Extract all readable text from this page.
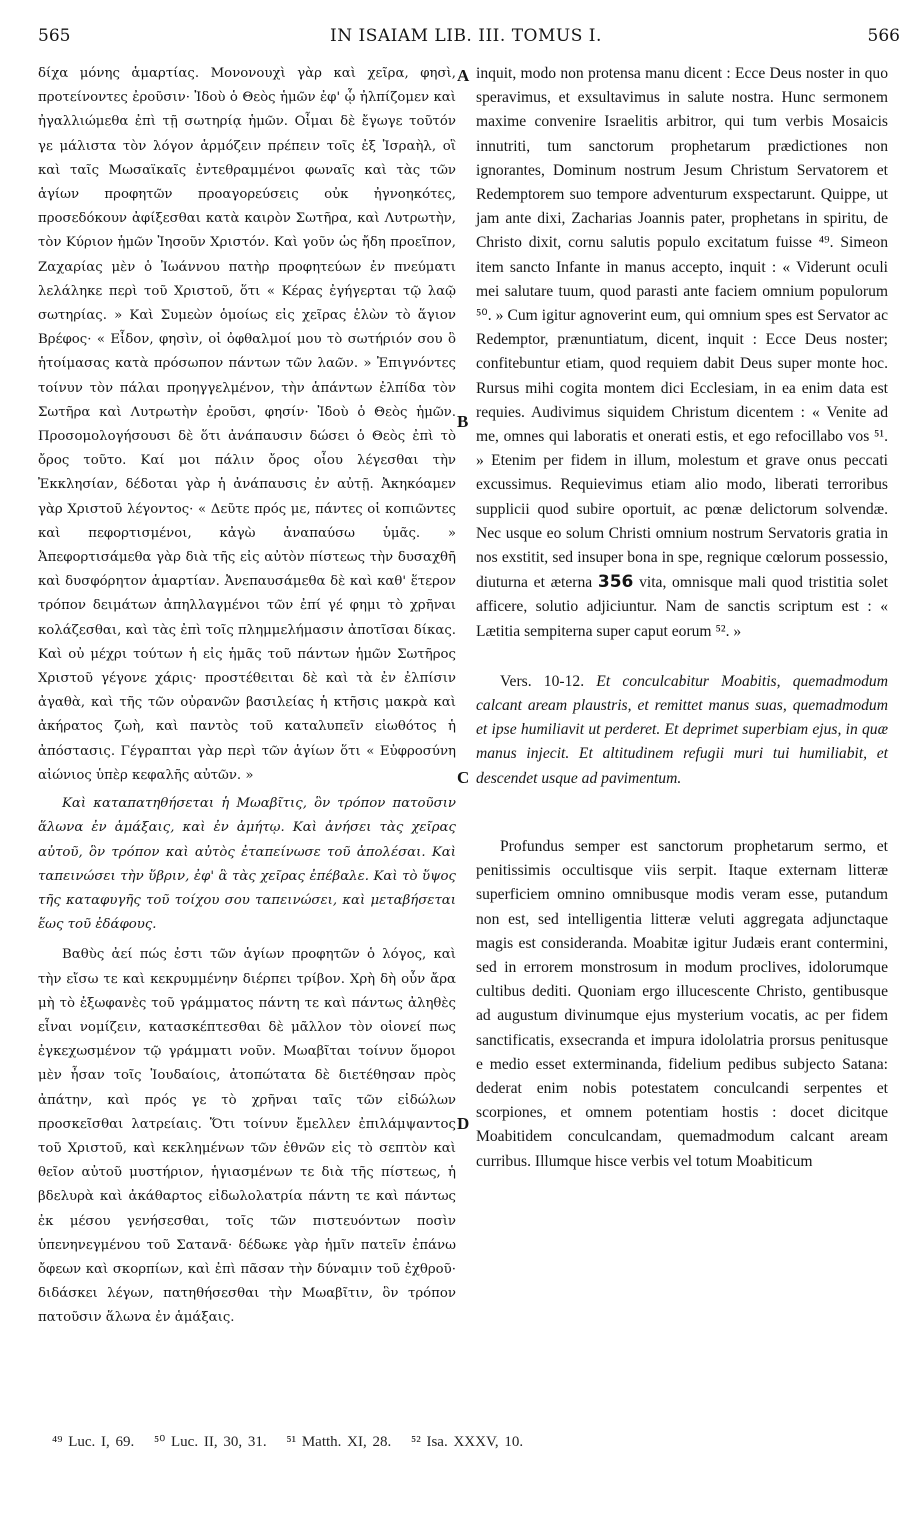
565	IN ISAIAM LIB. III. TOMUS I.	566

δίχα μόνης ἁμαρτίας. Μονονουχὶ γὰρ καὶ χεῖρα, φησὶ, προτείνοντες ἐροῦσιν· Ἰδοὺ ὁ Θεὸς ἡμῶν ἐφ' ᾧ ἠλπίζομεν καὶ ἠγαλλιώμεθα ἐπὶ τῇ σωτηρίᾳ ἡμῶν. Οἶμαι δὲ ἔγωγε τοῦτόν γε μάλιστα τὸν λόγον ἁρμόζειν πρέπειν τοῖς ἐξ Ἰσραὴλ, οἳ καὶ ταῖς Μωσαϊκαῖς ἐντεθραμμένοι φωναῖς καὶ τὰς τῶν ἁγίων προφητῶν προαγορεύσεις οὐκ ἠγνοηκότες, προσεδόκουν ἀφίξεσθαι κατὰ καιρὸν Σωτῆρα, καὶ Λυτρωτὴν, τὸν Κύριον ἡμῶν Ἰησοῦν Χριστόν. Καὶ γοῦν ὡς ἤδη προεῖπον, Ζαχαρίας μὲν ὁ Ἰωάννου πατὴρ προφητεύων ἐν πνεύματι λελάληκε περὶ τοῦ Χριστοῦ, ὅτι « Κέρας ἐγήγερται τῷ λαῷ σωτηρίας. » Καὶ Συμεὼν ὁμοίως εἰς χεῖρας ἑλὼν τὸ ἅγιον Βρέφος· « Εἶδον, φησὶν, οἱ ὀφθαλμοί μου τὸ σωτήριόν σου ὃ ἡτοίμασας κατὰ πρόσωπον πάντων τῶν λαῶν. » Ἐπιγνόντες τοίνυν τὸν πάλαι προηγγελμένον, τὴν ἁπάντων ἐλπίδα τὸν Σωτῆρα καὶ Λυτρωτὴν ἐροῦσι, φησίν· Ἰδοὺ ὁ Θεὸς ἡμῶν. Προσομολογήσουσι δὲ ὅτι ἀνάπαυσιν δώσει ὁ Θεὸς ἐπὶ τὸ ὄρος τοῦτο. Καί μοι πάλιν ὄρος οἶου λέγεσθαι τὴν Ἐκκλησίαν, δέδοται γὰρ ἡ ἀνάπαυσις ἐν αὐτῇ. Ἀκηκόαμεν γὰρ Χριστοῦ λέγοντος· « Δεῦτε πρός με, πάντες οἱ κοπιῶντες καὶ πεφορτισμένοι, κἀγὼ ἀναπαύσω ὑμᾶς. » Ἀπεφορτισάμεθα γὰρ διὰ τῆς εἰς αὐτὸν πίστεως τὴν δυσαχθῆ καὶ δυσφόρητον ἁμαρτίαν. Ἀνεπαυσάμεθα δὲ καὶ καθ' ἕτερον τρόπον δειμάτων ἀπηλλαγμένοι τῶν ἐπί γέ φημι τὸ χρῆναι κολάζεσθαι, καὶ τὰς ἐπὶ τοῖς πλημμελήμασιν ἀποτῖσαι δίκας. Καὶ οὐ μέχρι τούτων ἡ εἰς ἡμᾶς τοῦ πάντων ἡμῶν Σωτῆρος Χριστοῦ γέγονε χάρις· προστέθειται δὲ καὶ τὰ ἐν ἐλπίσιν ἀγαθὰ, καὶ τῆς τῶν οὐρανῶν βασιλείας ἡ κτῆσις μακρὰ καὶ ἀκήρατος ζωὴ, καὶ παντὸς τοῦ καταλυπεῖν εἰωθότος ἡ ἀπόστασις. Γέγραπται γὰρ περὶ τῶν ἁγίων ὅτι « Εὐφροσύνη αἰώνιος ὑπὲρ κεφαλῆς αὐτῶν. »

Καὶ καταπατηθήσεται ἡ Μωαβῖτις, ὃν τρόπον πατοῦσιν ἅλωνα ἐν ἁμάξαις, καὶ ἐν ἀμήτῳ. Καὶ ἀνήσει τὰς χεῖρας αὐτοῦ, ὃν τρόπον καὶ αὐτὸς ἐταπείνωσε τοῦ ἀπολέσαι. Καὶ ταπεινώσει τὴν ὕβριν, ἐφ' ἃ τὰς χεῖρας ἐπέβαλε. Καὶ τὸ ὕψος τῆς καταφυγῆς τοῦ τοίχου σου ταπεινώσει, καὶ μεταβήσεται ἕως τοῦ ἐδάφους.

Βαθὺς ἀεί πώς ἐστι τῶν ἁγίων προφητῶν ὁ λόγος, καὶ τὴν εἴσω τε καὶ κεκρυμμένην διέρπει τρίβον. Χρὴ δὴ οὖν ἄρα μὴ τὸ ἐξωφανὲς τοῦ γράμματος πάντη τε καὶ πάντως ἀληθὲς εἶναι νομίζειν, κατασκέπτεσθαι δὲ μᾶλλον τὸν οἱονεί πως ἐγκεχωσμένον τῷ γράμματι νοῦν. Μωαβῖται τοίνυν ὅμοροι μὲν ἦσαν τοῖς Ἰουδαίοις, ἀτοπώτατα δὲ διετέθησαν πρὸς ἀπάτην, καὶ πρός γε τὸ χρῆναι ταῖς τῶν εἰδώλων προσκεῖσθαι λατρείαις. Ὅτι τοίνυν ἔμελλεν ἐπιλάμψαντος τοῦ Χριστοῦ, καὶ κεκλημένων τῶν ἐθνῶν εἰς τὸ σεπτὸν καὶ θεῖον αὐτοῦ μυστήριον, ἡγιασμένων τε διὰ τῆς πίστεως, ἡ βδελυρὰ καὶ ἀκάθαρτος εἰδωλολατρία πάντη τε καὶ πάντως ἐκ μέσου γενήσεσθαι, τοῖς τῶν πιστευόντων ποσὶν ὑπενηνεγμένου τοῦ Σατανᾶ· δέδωκε γὰρ ἡμῖν πατεῖν ἐπάνω ὄφεων καὶ σκορπίων, καὶ ἐπὶ πᾶσαν τὴν δύναμιν τοῦ ἐχθροῦ· διδάσκει λέγων, πατηθήσεσθαι τὴν Μωαβῖτιν, ὃν τρόπον πατοῦσιν ἅλωνα ἐν ἁμάξαις.

A
B
C
D

inquit, modo non protensa manu dicent : Ecce Deus noster in quo speravimus, et exsultavimus in salute nostra. Hunc sermonem maxime convenire Israelitis arbitror, qui tum verbis Mosaicis innutriti, tum sanctorum prophetarum prædictiones non ignorantes, Dominum nostrum Jesum Christum Servatorem et Redemptorem suo tempore adventurum exspectarunt. Quippe, ut jam ante dixi, Zacharias Joannis pater, prophetans in spiritu, de Christo dixit, cornu salutis populo excitatum fuisse ⁴⁹. Simeon item sancto Infante in manus accepto, inquit : « Viderunt oculi mei salutare tuum, quod parasti ante faciem omnium populorum ⁵⁰. » Cum igitur agnoverint eum, qui omnium spes est Servator ac Redemptor, prænuntiatum, dicent, inquit : Ecce Deus noster; confitebuntur etiam, quod requiem dabit Deus super monte hoc. Rursus mihi cogita montem dici Ecclesiam, in ea enim data est requies. Audivimus siquidem Christum dicentem : « Venite ad me, omnes qui laboratis et onerati estis, et ego refocillabo vos ⁵¹. » Etenim per fidem in illum, molestum et grave onus peccati excussimus. Requievimus etiam alio modo, liberati terroribus supplicii quod subire oportuit, ac pœnæ delictorum solvendæ. Nec usque eo solum Christi omnium nostrum Servatoris gratia in nos exstitit, sed insuper bona in spe, regnique cœlorum possessio, diuturna et æterna 356 vita, omnisque mali quod tristitia solet afficere, solutio adjiciuntur. Nam de sanctis scriptum est : « Lætitia sempiterna super caput eorum ⁵². »

Vers. 10-12. Et conculcabitur Moabitis, quemadmodum calcant aream plaustris, et remittet manus suas, quemadmodum et ipse humiliavit ut perderet. Et deprimet superbiam ejus, in quæ manus injecit. Et altitudinem refugii muri tui humiliabit, et descendet usque ad pavimentum.

Profundus semper est sanctorum prophetarum sermo, et penitissimis occultisque viis serpit. Itaque externam litteræ superficiem omnino omnibusque modis veram esse, putandum non est, sed intelligentia litteræ veluti aggregata adjunctaque magis est consideranda. Moabitæ igitur Judæis erant contermini, sed in errorem monstrosum in modum proclives, idolorumque cultibus dediti. Quoniam ergo illucescente Christo, gentibusque ad augustum divinumque ejus mysterium vocatis, ac per fidem sanctificatis, exsecranda et impura idololatria prorsus penitusque e medio esset exterminanda, fidelium pedibus subjecto Satana: dederat enim nobis potestatem conculcandi serpentes et scorpiones, et omnem potentiam hostis : docet dicitque Moabitidem conculcandam, quemadmodum calcant aream curribus. Illumque hisce verbis vel totum Moabiticum

⁴⁹ Luc. I, 69. ⁵⁰ Luc. II, 30, 31. ⁵¹ Matth. XI, 28. ⁵² Isa. XXXV, 10.
